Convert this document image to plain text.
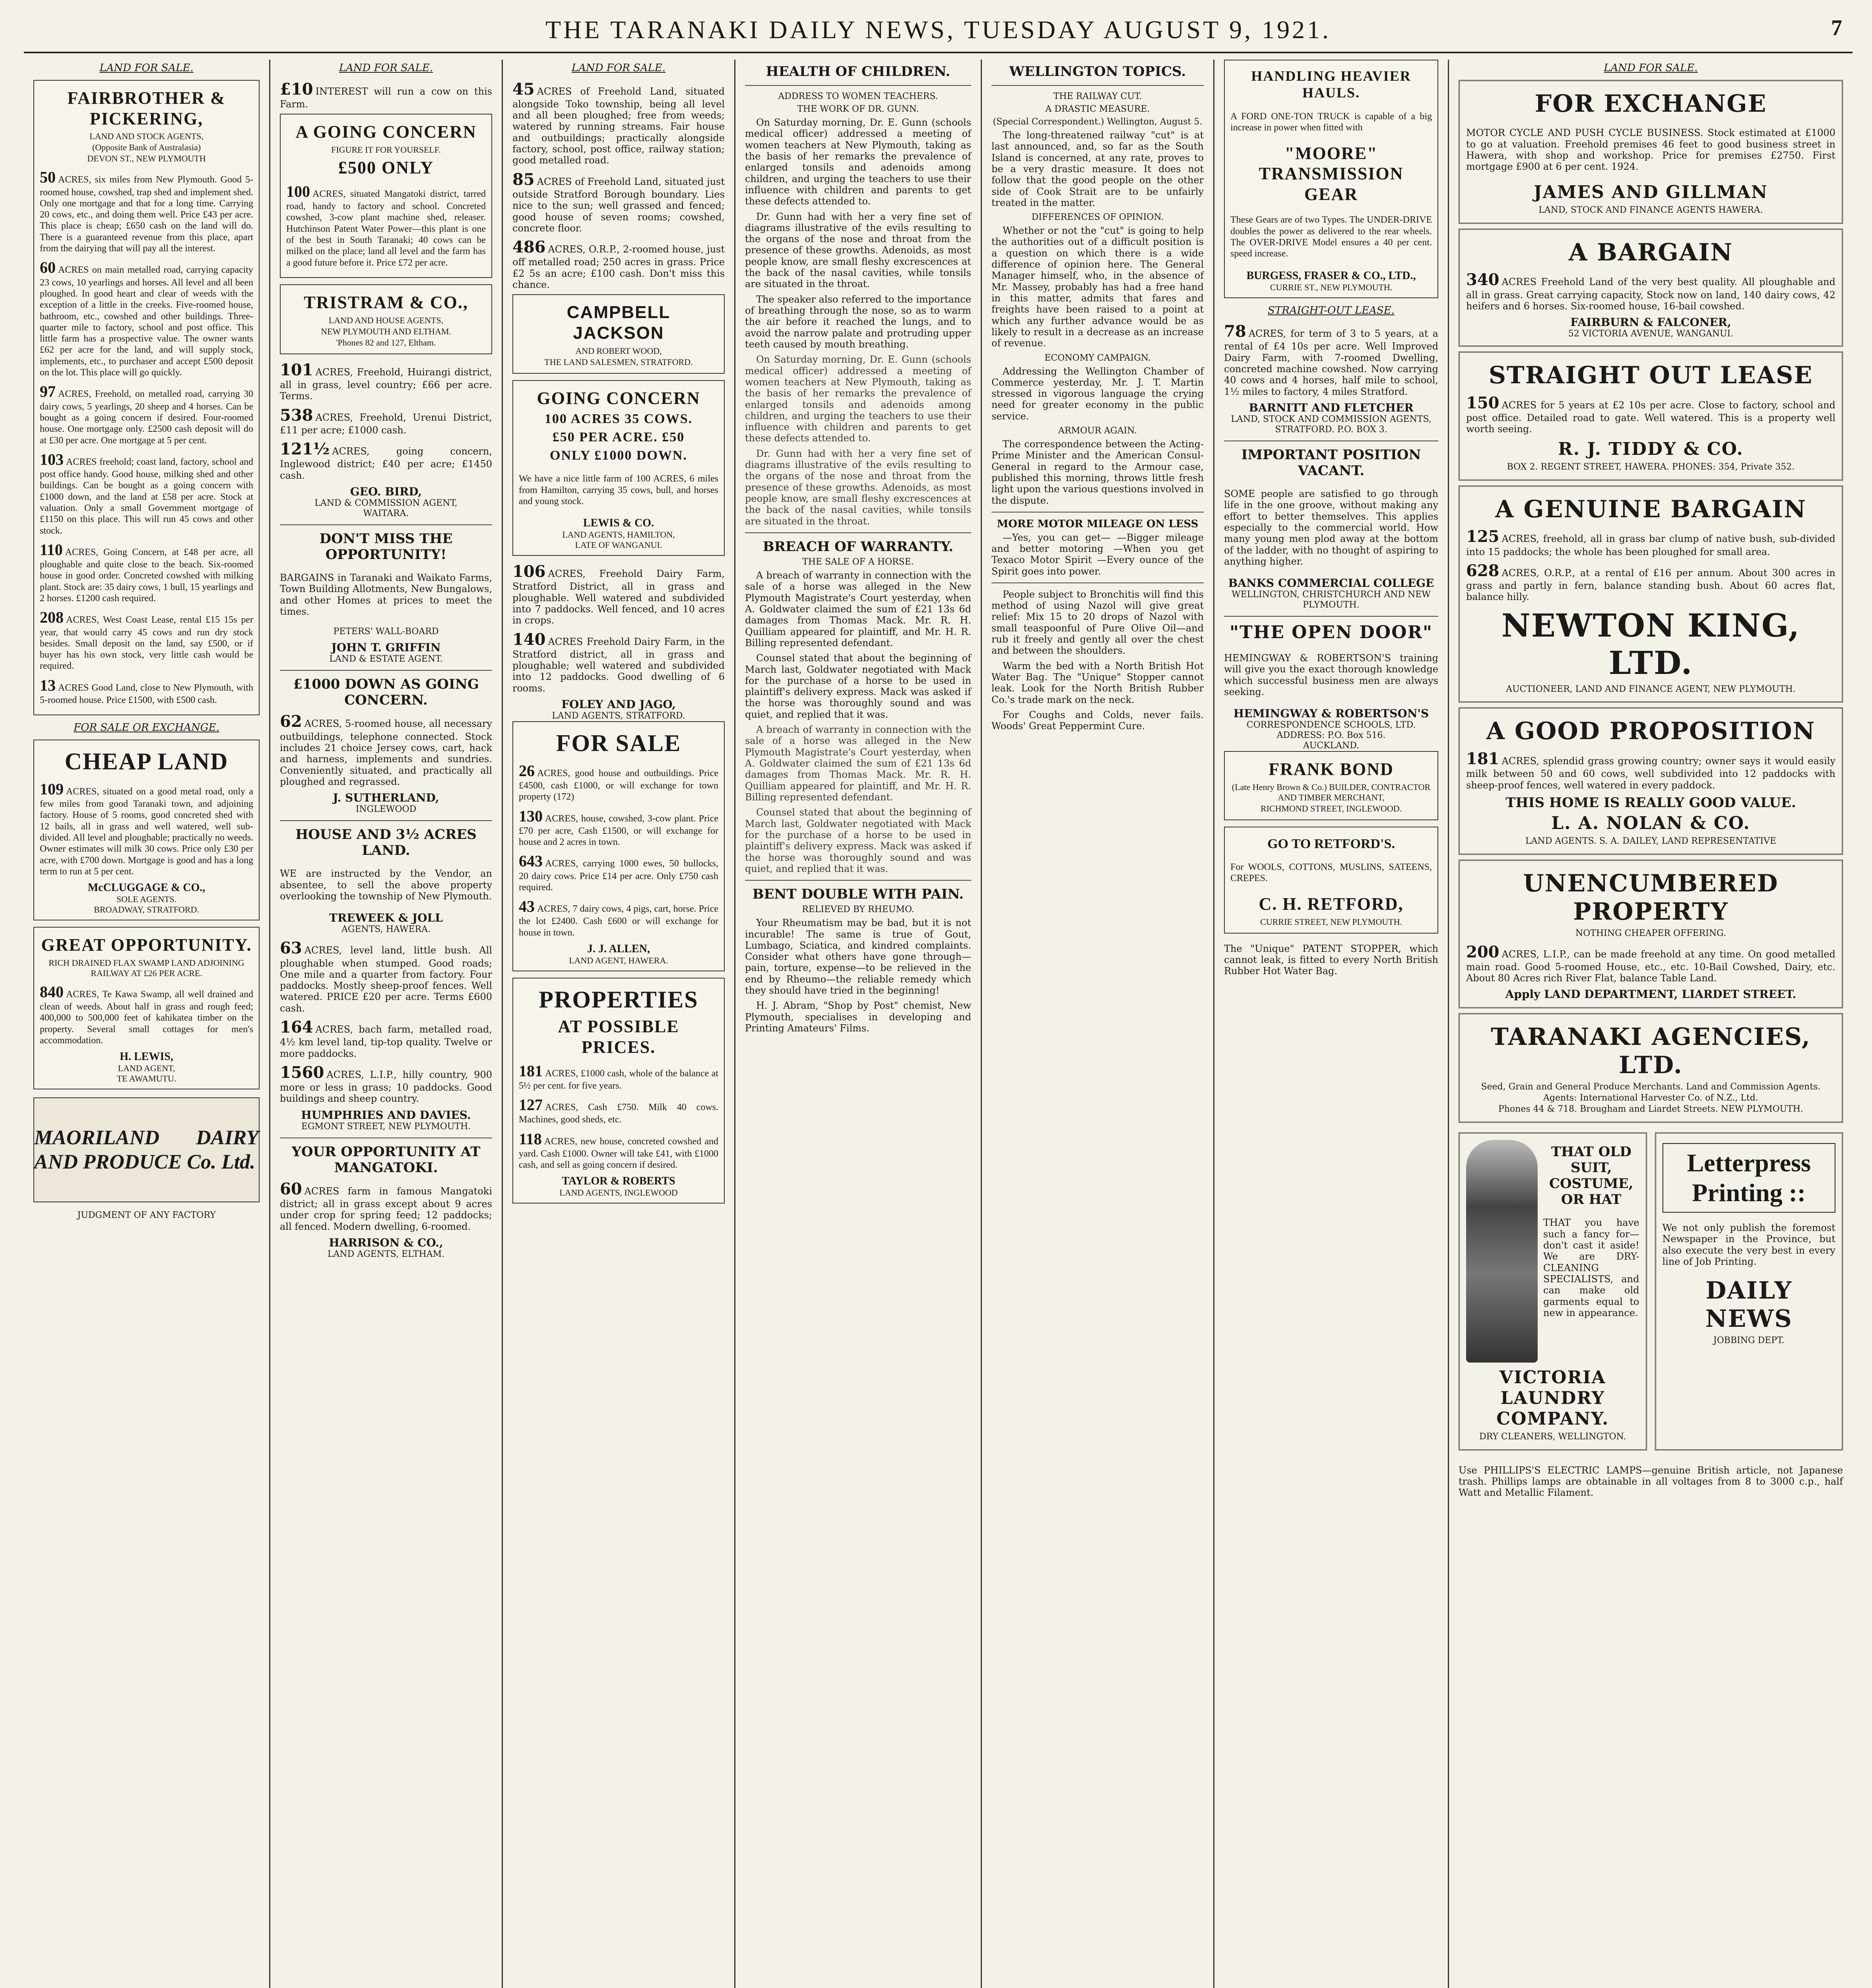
THE TARANAKI DAILY NEWS, TUESDAY AUGUST 9, 1921.	7
LAND FOR SALE.
FAIRBROTHER & PICKERING,
LAND AND STOCK AGENTS,
(Opposite Bank of Australasia)
DEVON ST., NEW PLYMOUTH

50 ACRES, six miles from New Plymouth. Good 5-roomed house, cowshed, trap shed and implement shed. Only one mortgage and that for a long time. Carrying 20 cows, etc., and doing them well. Price £43 per acre. This place is cheap; £650 cash on the land will do. There is a guaranteed revenue from this place, apart from the dairying that will pay all the interest.

60 ACRES on main metalled road, carrying capacity 23 cows, 10 yearlings and horses. All level and all been ploughed. In good heart and clear of weeds with the exception of a little in the creeks. Five-roomed house, bathroom, etc., cowshed and other buildings. Three-quarter mile to factory, school and post office. This little farm has a prospective value. The owner wants £62 per acre for the land, and will supply stock, implements, etc., to purchaser and accept £500 deposit on the lot. This place will go quickly.

97 ACRES, Freehold, on metalled road, carrying 30 dairy cows, 5 yearlings, 20 sheep and 4 horses. Can be bought as a going concern if desired. Four-roomed house. One mortgage only. £2500 cash deposit will do at £30 per acre. One mortgage at 5 per cent.

103 ACRES freehold; coast land, factory, school and post office handy. Good house, milking shed and other buildings. Can be bought as a going concern with £1000 down, and the land at £58 per acre. Stock at valuation. Only a small Government mortgage of £1150 on this place. This will run 45 cows and other stock.

110 ACRES, Going Concern, at £48 per acre, all ploughable and quite close to the beach. Six-roomed house in good order. Concreted cowshed with milking plant. Stock are: 35 dairy cows, 1 bull, 15 yearlings and 2 horses. £1200 cash required.

208 ACRES, West Coast Lease, rental £15 15s per year, that would carry 45 cows and run dry stock besides. Small deposit on the land, say £500, or if buyer has his own stock, very little cash would be required.

13 ACRES Good Land, close to New Plymouth, with 5-roomed house. Price £1500, with £500 cash.

FOR SALE OR EXCHANGE.
CHEAP LAND

109 ACRES, situated on a good metal road, only a few miles from good Taranaki town, and adjoining factory. House of 5 rooms, good concreted shed with 12 bails, all in grass and well watered, well sub-divided. All level and ploughable; practically no weeds. Owner estimates will milk 30 cows. Price only £30 per acre, with £700 down. Mortgage is good and has a long term to run at 5 per cent.

McCLUGGAGE & CO.,
SOLE AGENTS.
BROADWAY, STRATFORD.
GREAT OPPORTUNITY.
RICH DRAINED FLAX SWAMP LAND ADJOINING RAILWAY AT £26 PER ACRE.

840 ACRES, Te Kawa Swamp, all well drained and clean of weeds. About half in grass and rough feed; 400,000 to 500,000 feet of kahikatea timber on the property. Several small cottages for men's accommodation.

H. LEWIS,
LAND AGENT,
TE AWAMUTU.
MAORILAND DAIRY AND PRODUCE Co. Ltd.
JUDGMENT OF ANY FACTORY
LAND FOR SALE.

£10 INTEREST will run a cow on this Farm.

A GOING CONCERN
FIGURE IT FOR YOURSELF.
£500 ONLY

100 ACRES, situated Mangatoki district, tarred road, handy to factory and school. Concreted cowshed, 3-cow plant machine shed, releaser. Hutchinson Patent Water Power—this plant is one of the best in South Taranaki; 40 cows can be milked on the place; land all level and the farm has a good future before it. Price £72 per acre.

TRISTRAM & CO.,
LAND AND HOUSE AGENTS,
NEW PLYMOUTH AND ELTHAM.
'Phones 82 and 127, Eltham.

101 ACRES, Freehold, Huirangi district, all in grass, level country; £66 per acre. Terms.

538 ACRES, Freehold, Urenui District, £11 per acre; £1000 cash.

121½ ACRES, going concern, Inglewood district; £40 per acre; £1450 cash.

GEO. BIRD,
LAND & COMMISSION AGENT,
WAITARA.
DON'T MISS THE OPPORTUNITY!

BARGAINS in Taranaki and Waikato Farms, Town Building Allotments, New Bungalows, and other Homes at prices to meet the times.

PETERS' WALL-BOARD
JOHN T. GRIFFIN
LAND & ESTATE AGENT.
£1000 DOWN AS GOING CONCERN.

62 ACRES, 5-roomed house, all necessary outbuildings, telephone connected. Stock includes 21 choice Jersey cows, cart, hack and harness, implements and sundries. Conveniently situated, and practically all ploughed and regrassed.

J. SUTHERLAND,
INGLEWOOD
HOUSE AND 3½ ACRES LAND.

WE are instructed by the Vendor, an absentee, to sell the above property overlooking the township of New Plymouth.

TREWEEK & JOLL
AGENTS, HAWERA.

63 ACRES, level land, little bush. All ploughable when stumped. Good roads; One mile and a quarter from factory. Four paddocks. Mostly sheep-proof fences. Well watered. PRICE £20 per acre. Terms £600 cash.

164 ACRES, bach farm, metalled road, 4½ km level land, tip-top quality. Twelve or more paddocks.

1560 ACRES, L.I.P., hilly country, 900 more or less in grass; 10 paddocks. Good buildings and sheep country.

HUMPHRIES AND DAVIES.
EGMONT STREET, NEW PLYMOUTH.
YOUR OPPORTUNITY AT MANGATOKI.

60 ACRES farm in famous Mangatoki district; all in grass except about 9 acres under crop for spring feed; 12 paddocks; all fenced. Modern dwelling, 6-roomed.

HARRISON & CO.,
LAND AGENTS, ELTHAM.
LAND FOR SALE.

45 ACRES of Freehold Land, situated alongside Toko township, being all level and all been ploughed; free from weeds; watered by running streams. Fair house and outbuildings; practically alongside factory, school, post office, railway station; good metalled road.

85 ACRES of Freehold Land, situated just outside Stratford Borough boundary. Lies nice to the sun; well grassed and fenced; good house of seven rooms; cowshed, concrete floor.

486 ACRES, O.R.P., 2-roomed house, just off metalled road; 250 acres in grass. Price £2 5s an acre; £100 cash. Don't miss this chance.

CAMPBELL JACKSON
AND ROBERT WOOD,
THE LAND SALESMEN, STRATFORD.
GOING CONCERN
100 ACRES 35 COWS.
£50 PER ACRE. £50
ONLY £1000 DOWN.

We have a nice little farm of 100 ACRES, 6 miles from Hamilton, carrying 35 cows, bull, and horses and young stock.

LEWIS & CO.
LAND AGENTS, HAMILTON,
LATE OF WANGANUI.

106 ACRES, Freehold Dairy Farm, Stratford District, all in grass and ploughable. Well watered and subdivided into 7 paddocks. Well fenced, and 10 acres in crops.

140 ACRES Freehold Dairy Farm, in the Stratford district, all in grass and ploughable; well watered and subdivided into 12 paddocks. Good dwelling of 6 rooms.

FOLEY AND JAGO,
LAND AGENTS, STRATFORD.
FOR SALE

26 ACRES, good house and outbuildings. Price £4500, cash £1000, or will exchange for town property (172)

130 ACRES, house, cowshed, 3-cow plant. Price £70 per acre, Cash £1500, or will exchange for house and 2 acres in town.

643 ACRES, carrying 1000 ewes, 50 bullocks, 20 dairy cows. Price £14 per acre. Only £750 cash required.

43 ACRES, 7 dairy cows, 4 pigs, cart, horse. Price the lot £2400. Cash £600 or will exchange for house in town.

J. J. ALLEN,
LAND AGENT, HAWERA.
PROPERTIES
AT POSSIBLE PRICES.

181 ACRES, £1000 cash, whole of the balance at 5½ per cent. for five years.

127 ACRES, Cash £750. Milk 40 cows. Machines, good sheds, etc.

118 ACRES, new house, concreted cowshed and yard. Cash £1000. Owner will take £41, with £1000 cash, and sell as going concern if desired.

TAYLOR & ROBERTS
LAND AGENTS, INGLEWOOD
HEALTH OF CHILDREN.
ADDRESS TO WOMEN TEACHERS.
THE WORK OF DR. GUNN.

On Saturday morning, Dr. E. Gunn (schools medical officer) addressed a meeting of women teachers at New Plymouth, taking as the basis of her remarks the prevalence of enlarged tonsils and adenoids among children, and urging the teachers to use their influence with children and parents to get these defects attended to.

Dr. Gunn had with her a very fine set of diagrams illustrative of the evils resulting to the organs of the nose and throat from the presence of these growths. Adenoids, as most people know, are small fleshy excrescences at the back of the nasal cavities, while tonsils are situated in the throat.

The speaker also referred to the importance of breathing through the nose, so as to warm the air before it reached the lungs, and to avoid the narrow palate and protruding upper teeth caused by mouth breathing.

On Saturday morning, Dr. E. Gunn (schools medical officer) addressed a meeting of women teachers at New Plymouth, taking as the basis of her remarks the prevalence of enlarged tonsils and adenoids among children, and urging the teachers to use their influence with children and parents to get these defects attended to.

Dr. Gunn had with her a very fine set of diagrams illustrative of the evils resulting to the organs of the nose and throat from the presence of these growths. Adenoids, as most people know, are small fleshy excrescences at the back of the nasal cavities, while tonsils are situated in the throat.

BREACH OF WARRANTY.
THE SALE OF A HORSE.

A breach of warranty in connection with the sale of a horse was alleged in the New Plymouth Magistrate's Court yesterday, when A. Goldwater claimed the sum of £21 13s 6d damages from Thomas Mack. Mr. R. H. Quilliam appeared for plaintiff, and Mr. H. R. Billing represented defendant.

Counsel stated that about the beginning of March last, Goldwater negotiated with Mack for the purchase of a horse to be used in plaintiff's delivery express. Mack was asked if the horse was thoroughly sound and was quiet, and replied that it was.

A breach of warranty in connection with the sale of a horse was alleged in the New Plymouth Magistrate's Court yesterday, when A. Goldwater claimed the sum of £21 13s 6d damages from Thomas Mack. Mr. R. H. Quilliam appeared for plaintiff, and Mr. H. R. Billing represented defendant.

Counsel stated that about the beginning of March last, Goldwater negotiated with Mack for the purchase of a horse to be used in plaintiff's delivery express. Mack was asked if the horse was thoroughly sound and was quiet, and replied that it was.

BENT DOUBLE WITH PAIN.
RELIEVED BY RHEUMO.

Your Rheumatism may be bad, but it is not incurable! The same is true of Gout, Lumbago, Sciatica, and kindred complaints. Consider what others have gone through—pain, torture, expense—to be relieved in the end by Rheumo—the reliable remedy which they should have tried in the beginning!

H. J. Abram, "Shop by Post" chemist, New Plymouth, specialises in developing and Printing Amateurs' Films.

WELLINGTON TOPICS.
THE RAILWAY CUT.
A DRASTIC MEASURE.
(Special Correspondent.) Wellington, August 5.

The long-threatened railway "cut" is at last announced, and, so far as the South Island is concerned, at any rate, proves to be a very drastic measure. It does not follow that the good people on the other side of Cook Strait are to be unfairly treated in the matter.

DIFFERENCES OF OPINION.

Whether or not the "cut" is going to help the authorities out of a difficult position is a question on which there is a wide difference of opinion here. The General Manager himself, who, in the absence of Mr. Massey, probably has had a free hand in this matter, admits that fares and freights have been raised to a point at which any further advance would be as likely to result in a decrease as an increase of revenue.

ECONOMY CAMPAIGN.

Addressing the Wellington Chamber of Commerce yesterday, Mr. J. T. Martin stressed in vigorous language the crying need for greater economy in the public service.

ARMOUR AGAIN.

The correspondence between the Acting-Prime Minister and the American Consul-General in regard to the Armour case, published this morning, throws little fresh light upon the various questions involved in the dispute.

MORE MOTOR MILEAGE ON LESS

—Yes, you can get— —Bigger mileage and better motoring —When you get Texaco Motor Spirit —Every ounce of the Spirit goes into power.

People subject to Bronchitis will find this method of using Nazol will give great relief: Mix 15 to 20 drops of Nazol with small teaspoonful of Pure Olive Oil—and rub it freely and gently all over the chest and between the shoulders.

Warm the bed with a North British Hot Water Bag. The "Unique" Stopper cannot leak. Look for the North British Rubber Co.'s trade mark on the neck.

For Coughs and Colds, never fails. Woods' Great Peppermint Cure.

HANDLING HEAVIER HAULS.

A FORD ONE-TON TRUCK is capable of a big increase in power when fitted with

"MOORE" TRANSMISSION GEAR

These Gears are of two Types. The UNDER-DRIVE doubles the power as delivered to the rear wheels. The OVER-DRIVE Model ensures a 40 per cent. speed increase.

BURGESS, FRASER & CO., LTD.,
CURRIE ST., NEW PLYMOUTH.
STRAIGHT-OUT LEASE.

78 ACRES, for term of 3 to 5 years, at a rental of £4 10s per acre. Well Improved Dairy Farm, with 7-roomed Dwelling, concreted machine cowshed. Now carrying 40 cows and 4 horses, half mile to school, 1½ miles to factory, 4 miles Stratford.

BARNITT AND FLETCHER
LAND, STOCK AND COMMISSION AGENTS,
STRATFORD. P.O. BOX 3.
IMPORTANT POSITION VACANT.

SOME people are satisfied to go through life in the one groove, without making any effort to better themselves. This applies especially to the commercial world. How many young men plod away at the bottom of the ladder, with no thought of aspiring to anything higher.

BANKS COMMERCIAL COLLEGE
WELLINGTON, CHRISTCHURCH AND NEW PLYMOUTH.
"THE OPEN DOOR"

HEMINGWAY & ROBERTSON'S training will give you the exact thorough knowledge which successful business men are always seeking.

HEMINGWAY & ROBERTSON'S
CORRESPONDENCE SCHOOLS, LTD. ADDRESS: P.O. Box 516.
AUCKLAND.
FRANK BOND
(Late Henry Brown & Co.) BUILDER, CONTRACTOR AND TIMBER MERCHANT,
RICHMOND STREET, INGLEWOOD.
GO TO RETFORD'S.

For WOOLS, COTTONS, MUSLINS, SATEENS, CREPES.

C. H. RETFORD,
CURRIE STREET, NEW PLYMOUTH.

The "Unique" PATENT STOPPER, which cannot leak, is fitted to every North British Rubber Hot Water Bag.

LAND FOR SALE.
FOR EXCHANGE

MOTOR CYCLE AND PUSH CYCLE BUSINESS. Stock estimated at £1000 to go at valuation. Freehold premises 46 feet to good business street in Hawera, with shop and workshop. Price for premises £2750. First mortgage £900 at 6 per cent. 1924.

JAMES AND GILLMAN
LAND, STOCK AND FINANCE AGENTS HAWERA.
A BARGAIN

340 ACRES Freehold Land of the very best quality. All ploughable and all in grass. Great carrying capacity, Stock now on land, 140 dairy cows, 42 heifers and 6 horses. Six-roomed house, 16-bail cowshed.

FAIRBURN & FALCONER,
52 VICTORIA AVENUE, WANGANUI.
STRAIGHT OUT LEASE

150 ACRES for 5 years at £2 10s per acre. Close to factory, school and post office. Detailed road to gate. Well watered. This is a property well worth seeing.

R. J. TIDDY & CO.
BOX 2. REGENT STREET, HAWERA. PHONES: 354, Private 352.
A GENUINE BARGAIN

125 ACRES, freehold, all in grass bar clump of native bush, sub-divided into 15 paddocks; the whole has been ploughed for small area.

628 ACRES, O.R.P., at a rental of £16 per annum. About 300 acres in grass and partly in fern, balance standing bush. About 60 acres flat, balance hilly.

NEWTON KING, LTD.
AUCTIONEER, LAND AND FINANCE AGENT, NEW PLYMOUTH.
A GOOD PROPOSITION

181 ACRES, splendid grass growing country; owner says it would easily milk between 50 and 60 cows, well subdivided into 12 paddocks with sheep-proof fences, well watered in every paddock.

THIS HOME IS REALLY GOOD VALUE.
L. A. NOLAN & CO.
LAND AGENTS. S. A. DAILEY, LAND REPRESENTATIVE
UNENCUMBERED PROPERTY
NOTHING CHEAPER OFFERING.

200 ACRES, L.I.P., can be made freehold at any time. On good metalled main road. Good 5-roomed House, etc., etc. 10-Bail Cowshed, Dairy, etc. About 80 Acres rich River Flat, balance Table Land.

Apply LAND DEPARTMENT, LIARDET STREET.
TARANAKI AGENCIES, LTD.
Seed, Grain and General Produce Merchants. Land and Commission Agents.
Agents: International Harvester Co. of N.Z., Ltd.
Phones 44 & 718. Brougham and Liardet Streets. NEW PLYMOUTH.
THAT OLD SUIT, COSTUME, OR HAT

THAT you have such a fancy for—don't cast it aside! We are DRY-CLEANING SPECIALISTS, and can make old garments equal to new in appearance.

VICTORIA LAUNDRY COMPANY.
DRY CLEANERS, WELLINGTON.
Letterpress Printing ::

We not only publish the foremost Newspaper in the Province, but also execute the very best in every line of Job Printing.

DAILY NEWS
JOBBING DEPT.

Use PHILLIPS'S ELECTRIC LAMPS—genuine British article, not Japanese trash. Phillips lamps are obtainable in all voltages from 8 to 3000 c.p., half Watt and Metallic Filament.
